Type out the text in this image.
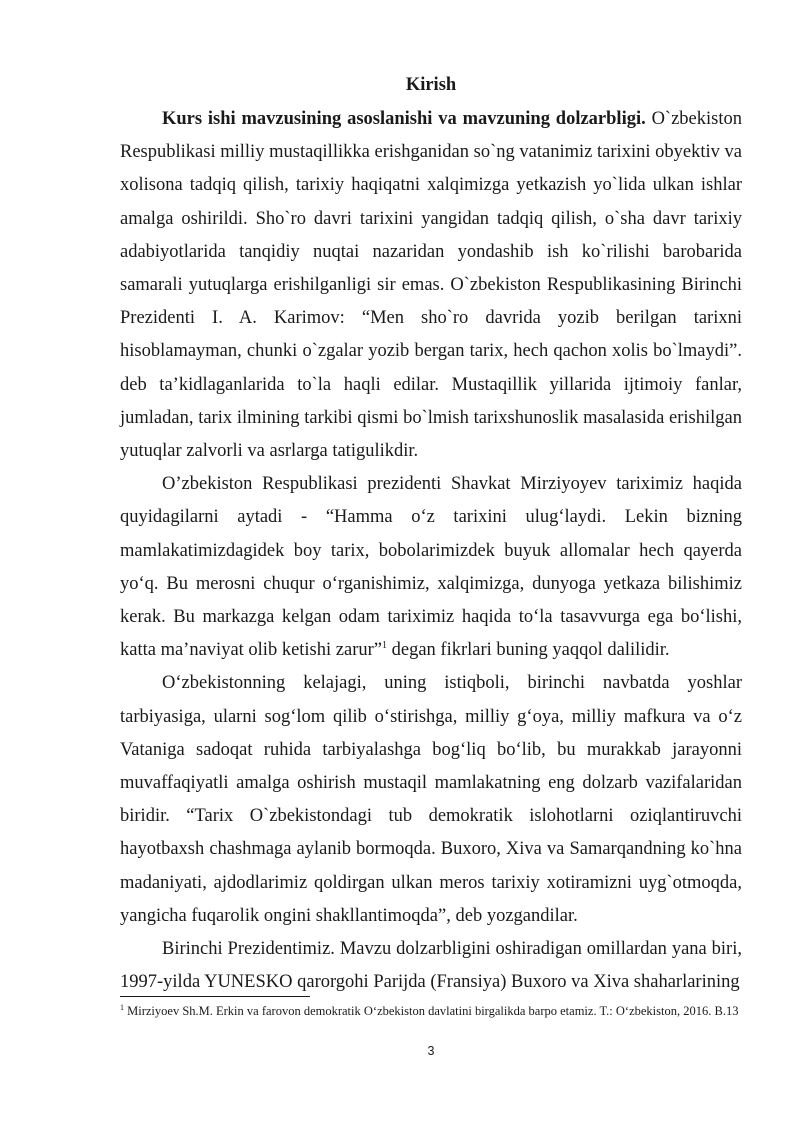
Kirish

Kurs ishi mavzusining asoslanishi va mavzuning dolzarbligi. O`zbekiston Respublikasi milliy mustaqillikka erishganidan so`ng vatanimiz tarixini obyektiv va xolisona tadqiq qilish, tarixiy haqiqatni xalqimizga yetkazish yo`lida ulkan ishlar amalga oshirildi. Sho`ro davri tarixini yangidan tadqiq qilish, o`sha davr tarixiy adabiyotlarida tanqidiy nuqtai nazaridan yondashib ish ko`rilishi barobarida samarali yutuqlarga erishilganligi sir emas. O`zbekiston Respublikasining Birinchi Prezidenti I. A. Karimov: “Men sho`ro davrida yozib berilgan tarixni hisoblamayman, chunki o`zgalar yozib bergan tarix, hech qachon xolis bo`lmaydi”. deb ta’kidlaganlarida to`la haqli edilar. Mustaqillik yillarida ijtimoiy fanlar, jumladan, tarix ilmining tarkibi qismi bo`lmish tarixshunoslik masalasida erishilgan yutuqlar zalvorli va asrlarga tatigulikdir.

O’zbekiston Respublikasi prezidenti Shavkat Mirziyoyev tariximiz haqida quyidagilarni aytadi - “Hamma o‘z tarixini ulug‘laydi. Lekin bizning mamlakatimizdagidek boy tarix, bobolarimizdek buyuk allomalar hech qayerda yo‘q. Bu merosni chuqur o‘rganishimiz, xalqimizga, dunyoga yetkaza bilishimiz kerak. Bu markazga kelgan odam tariximiz haqida to‘la tasavvurga ega bo‘lishi, katta ma’naviyat olib ketishi zarur”$^1$ degan fikrlari buning yaqqol dalilidir.

O‘zbekistonning kelajagi, uning istiqboli, birinchi navbatda yoshlar tarbiyasiga, ularni sog‘lom qilib o‘stirishga, milliy g‘oya, milliy mafkura va o‘z Vataniga sadoqat ruhida tarbiyalashga bog‘liq bo‘lib, bu murakkab jarayonni muvaffaqiyatli amalga oshirish mustaqil mamlakatning eng dolzarb vazifalaridan biridir. “Tarix O`zbekistondagi tub demokratik islohotlarni oziqlantiruvchi hayotbaxsh chashmaga aylanib bormoqda. Buxoro, Xiva va Samarqandning ko`hna madaniyati, ajdodlarimiz qoldirgan ulkan meros tarixiy xotiramizni uyg`otmoqda, yangicha fuqarolik ongini shakllantimoqda”, deb yozgandilar.

Birinchi Prezidentimiz. Mavzu dolzarbligini oshiradigan omillardan yana biri, 1997-yilda YUNESKO qarorgohi Parijda (Fransiya) Buxoro va Xiva shaharlarining

$^1$ Mirziyoev Sh.M. Erkin va farovon demokratik O‘zbekiston davlatini birgalikda barpo etamiz. T.: O‘zbekiston, 2016. B.13

3
